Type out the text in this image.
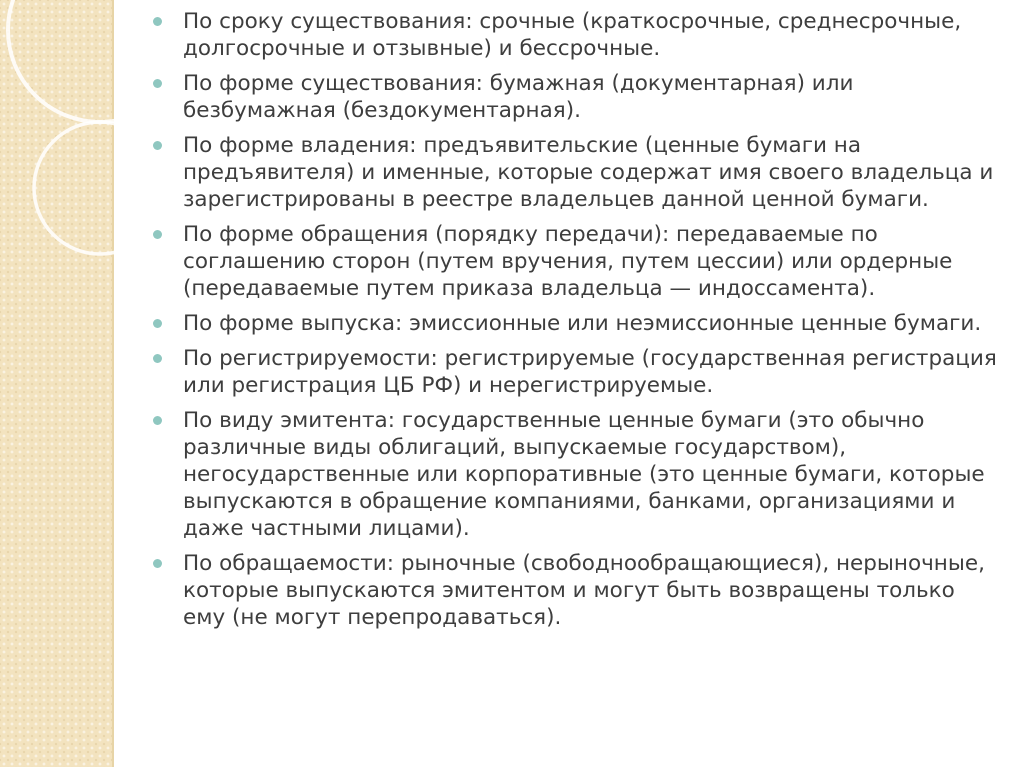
По сроку существования: срочные (краткосрочные, среднесрочные, долгосрочные и отзывные) и бессрочные.
По форме существования: бумажная (документарная) или безбумажная (бездокументарная).
По форме владения: предъявительские (ценные бумаги на предъявителя) и именные, которые содержат имя своего владельца и зарегистрированы в реестре владельцев данной ценной бумаги.
По форме обращения (порядку передачи): передаваемые по соглашению сторон (путем вручения, путем цессии) или ордерные (передаваемые путем приказа владельца — индоссамента).
По форме выпуска: эмиссионные или неэмиссионные ценные бумаги.
По регистрируемости: регистрируемые (государственная регистрация или регистрация ЦБ РФ) и нерегистрируемые.
По виду эмитента: государственные ценные бумаги (это обычно различные виды облигаций, выпускаемые государством), негосударственные или корпоративные (это ценные бумаги, которые выпускаются в обращение компаниями, банками, организациями и даже частными лицами).
По обращаемости: рыночные (свободнообращающиеся), нерыночные, которые выпускаются эмитентом и могут быть возвращены только ему (не могут перепродаваться).
